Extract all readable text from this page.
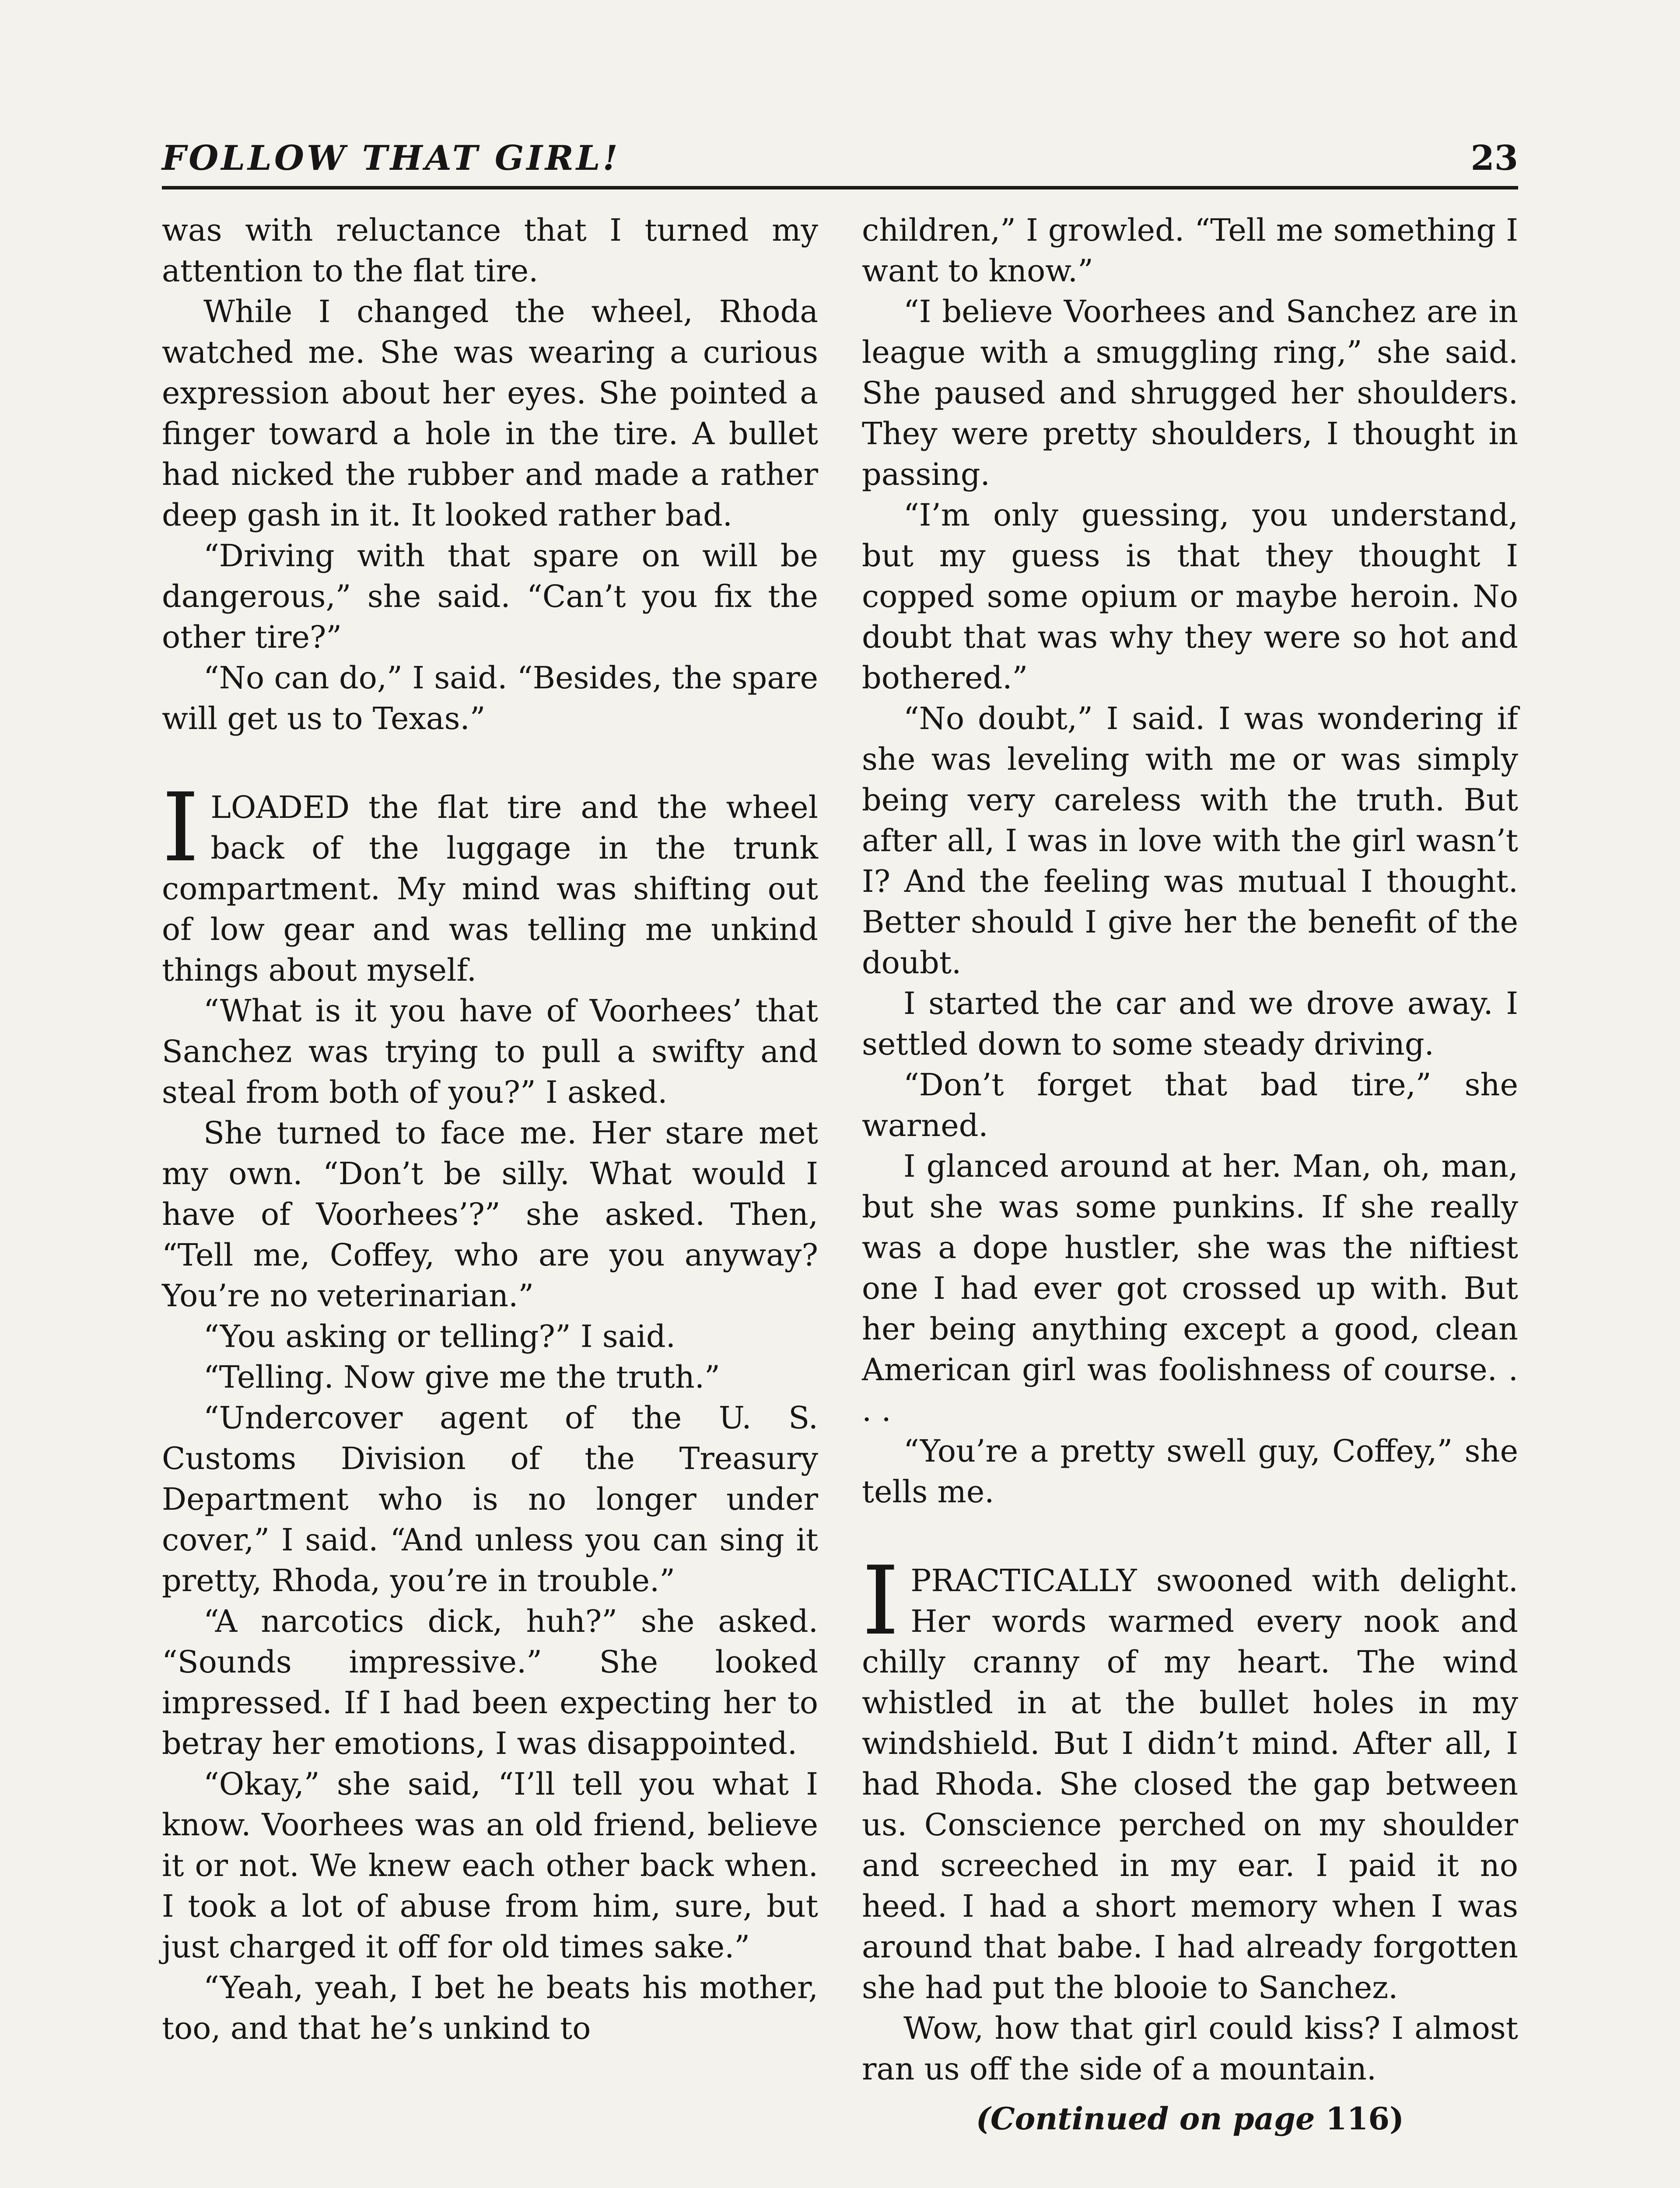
FOLLOW THAT GIRL!	23

was with reluctance that I turned my attention to the flat tire.

While I changed the wheel, Rhoda watched me. She was wearing a curious expression about her eyes. She pointed a finger toward a hole in the tire. A bullet had nicked the rubber and made a rather deep gash in it. It looked rather bad.

“Driving with that spare on will be dangerous,” she said. “Can’t you fix the other tire?”

“No can do,” I said. “Besides, the spare will get us to Texas.”

I LOADED the flat tire and the wheel back of the luggage in the trunk compartment. My mind was shifting out of low gear and was telling me unkind things about myself.

“What is it you have of Voorhees’ that Sanchez was trying to pull a swifty and steal from both of you?” I asked.

She turned to face me. Her stare met my own. “Don’t be silly. What would I have of Voorhees’?” she asked. Then, “Tell me, Coffey, who are you anyway? You’re no veterinarian.”

“You asking or telling?” I said.

“Telling. Now give me the truth.”

“Undercover agent of the U. S. Customs Division of the Treasury Department who is no longer under cover,” I said. “And unless you can sing it pretty, Rhoda, you’re in trouble.”

“A narcotics dick, huh?” she asked. “Sounds impressive.” She looked impressed. If I had been expecting her to betray her emotions, I was disappointed.

“Okay,” she said, “I’ll tell you what I know. Voorhees was an old friend, believe it or not. We knew each other back when. I took a lot of abuse from him, sure, but just charged it off for old times sake.”

“Yeah, yeah, I bet he beats his mother, too, and that he’s unkind to

children,” I growled. “Tell me something I want to know.”

“I believe Voorhees and Sanchez are in league with a smuggling ring,” she said. She paused and shrugged her shoulders. They were pretty shoulders, I thought in passing.

“I’m only guessing, you understand, but my guess is that they thought I copped some opium or maybe heroin. No doubt that was why they were so hot and bothered.”

“No doubt,” I said. I was wondering if she was leveling with me or was simply being very careless with the truth. But after all, I was in love with the girl wasn’t I? And the feeling was mutual I thought. Better should I give her the benefit of the doubt.

I started the car and we drove away. I settled down to some steady driving.

“Don’t forget that bad tire,” she warned.

I glanced around at her. Man, oh, man, but she was some punkins. If she really was a dope hustler, she was the niftiest one I had ever got crossed up with. But her being anything except a good, clean American girl was foolishness of course. . . .

“You’re a pretty swell guy, Coffey,” she tells me.

I PRACTICALLY swooned with delight. Her words warmed every nook and chilly cranny of my heart. The wind whistled in at the bullet holes in my windshield. But I didn’t mind. After all, I had Rhoda. She closed the gap between us. Conscience perched on my shoulder and screeched in my ear. I paid it no heed. I had a short memory when I was around that babe. I had already forgotten she had put the blooie to Sanchez.

Wow, how that girl could kiss? I almost ran us off the side of a mountain.

(Continued on page 116)
